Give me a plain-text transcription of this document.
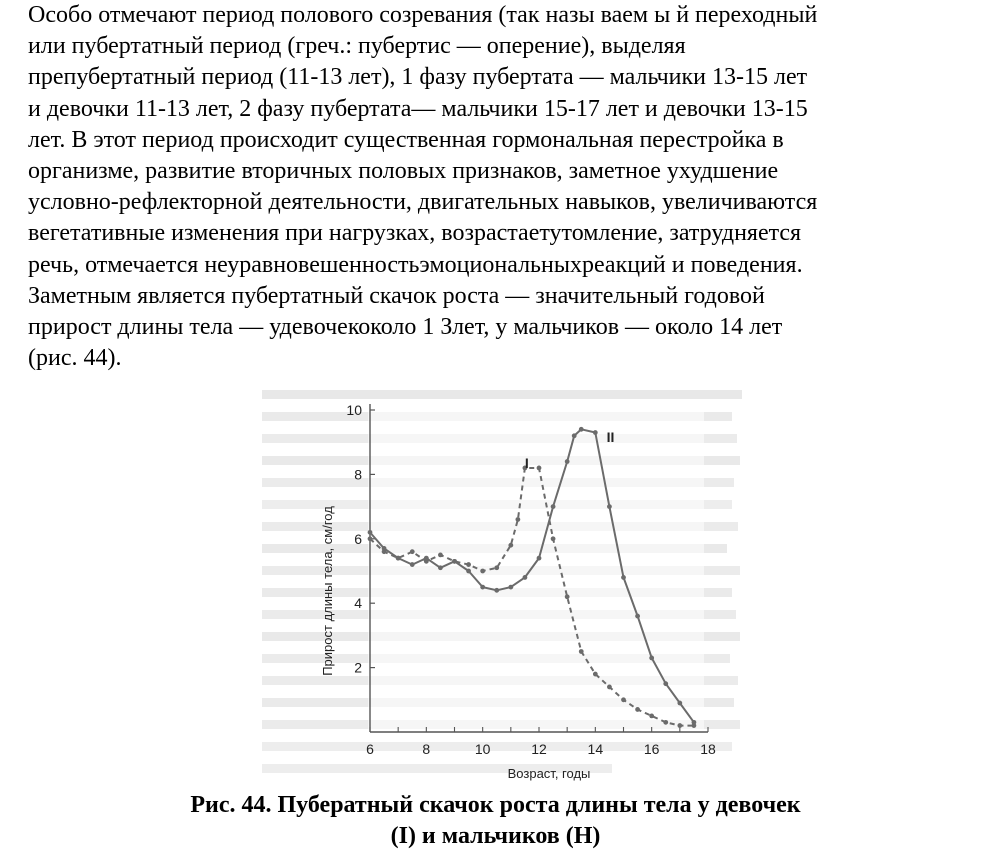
Особо отмечают период полового созревания (так назы ваем ы й переходный
или пубертатный период (греч.: пубертис — оперение), выделяя
препубертатный период (11-13 лет), 1 фазу пубертата — мальчики 13-15 лет
и девочки 11-13 лет, 2 фазу пубертата— мальчики 15-17 лет и девочки 13-15
лет. В этот период происходит существенная гормональная перестройка в
организме, развитие вторичных половых признаков, заметное ухудшение
условно-рефлекторной деятельности, двигательных навыков, увеличиваются
вегетативные изменения при нагрузках, возрастаетутомление, затрудняется
речь, отмечается неуравновешенностьэмоциональныхреакций и поведения.
Заметным является пубертатный скачок роста — значительный годовой
прирост длины тела — удевочекоколо 1 Злет, у мальчиков — около 14 лет
(рис. 44).
2
4
6
8
10
6	8	10	12	14	16	18
Возраст, годы
Прирост длины тела, см/год
I
II
Рис. 44. Пубератный скачок роста длины тела у девочек
(I) и мальчиков (Н)
